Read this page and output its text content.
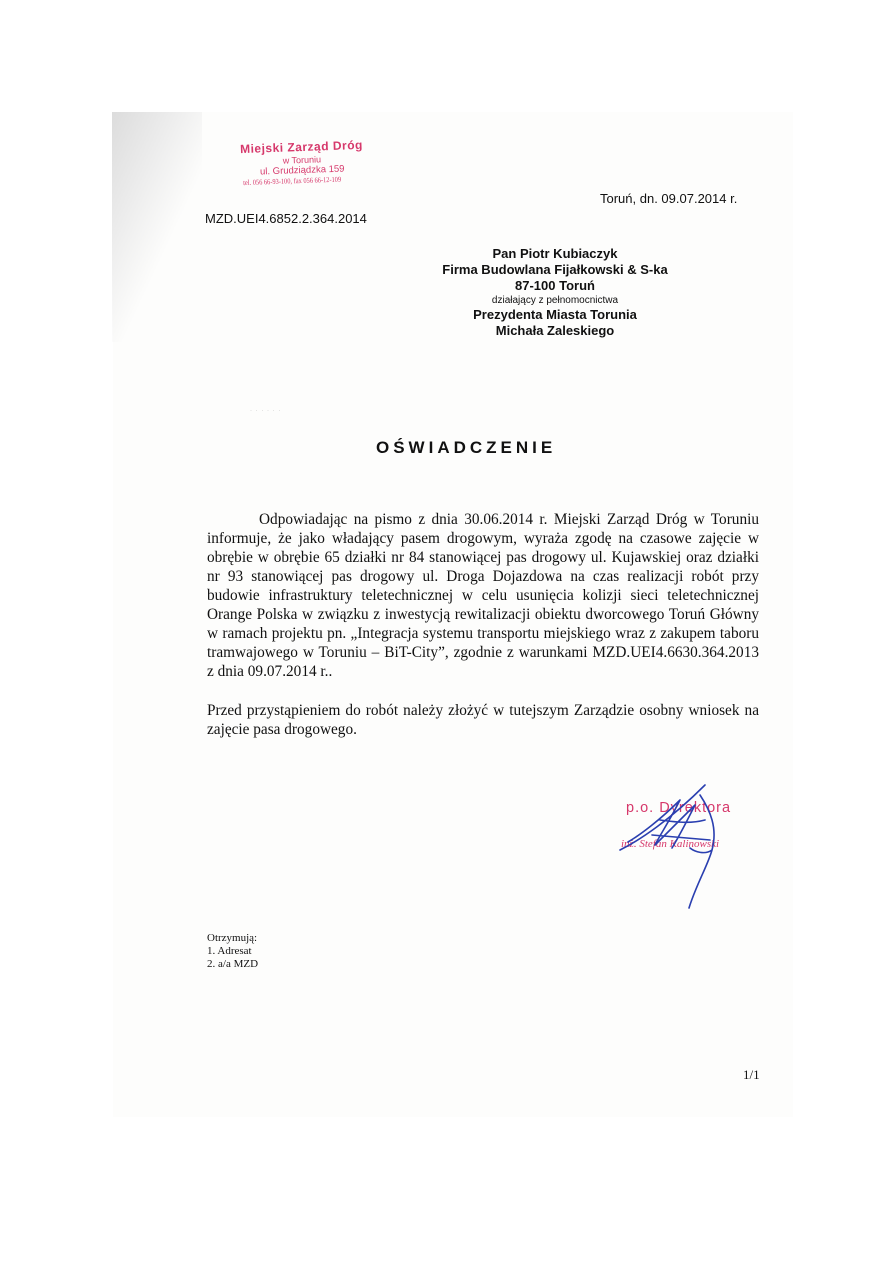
Miejski Zarząd Dróg
w Toruniu
ul. Grudziądzka 159
tel. 056 66-93-100, fax 056 66-12-109
MZD.UEI4.6852.2.364.2014
Toruń, dn. 09.07.2014 r.
Pan Piotr Kubiaczyk
Firma Budowlana Fijałkowski & S-ka
87-100 Toruń
działający z pełnomocnictwa
Prezydenta Miasta Torunia
Michała Zaleskiego
· · · · · ·
OŚWIADCZENIE

Odpowiadając na pismo z dnia 30.06.2014 r. Miejski Zarząd Dróg w Toruniu informuje, że jako władający pasem drogowym, wyraża zgodę na czasowe zajęcie w obrębie w obrębie 65 działki nr 84 stanowiącej pas drogowy ul. Kujawskiej oraz działki nr 93 stanowiącej pas drogowy ul. Droga Dojazdowa na czas realizacji robót przy budowie infrastruktury teletechnicznej w celu usunięcia kolizji sieci teletechnicznej Orange Polska w związku z inwestycją rewitalizacji obiektu dworcowego Toruń Główny w ramach projektu pn. „Integracja systemu transportu miejskiego wraz z zakupem taboru tramwajowego w Toruniu – BiT-City”, zgodnie z warunkami MZD.UEI4.6630.364.2013 z dnia 09.07.2014 r..

Przed przystąpieniem do robót należy złożyć w tutejszym Zarządzie osobny wniosek na zajęcie pasa drogowego.

p.o. Dyrektora
inż. Stefan Kalinowski
Otrzymują:
1. Adresat
2. a/a MZD
1/1
